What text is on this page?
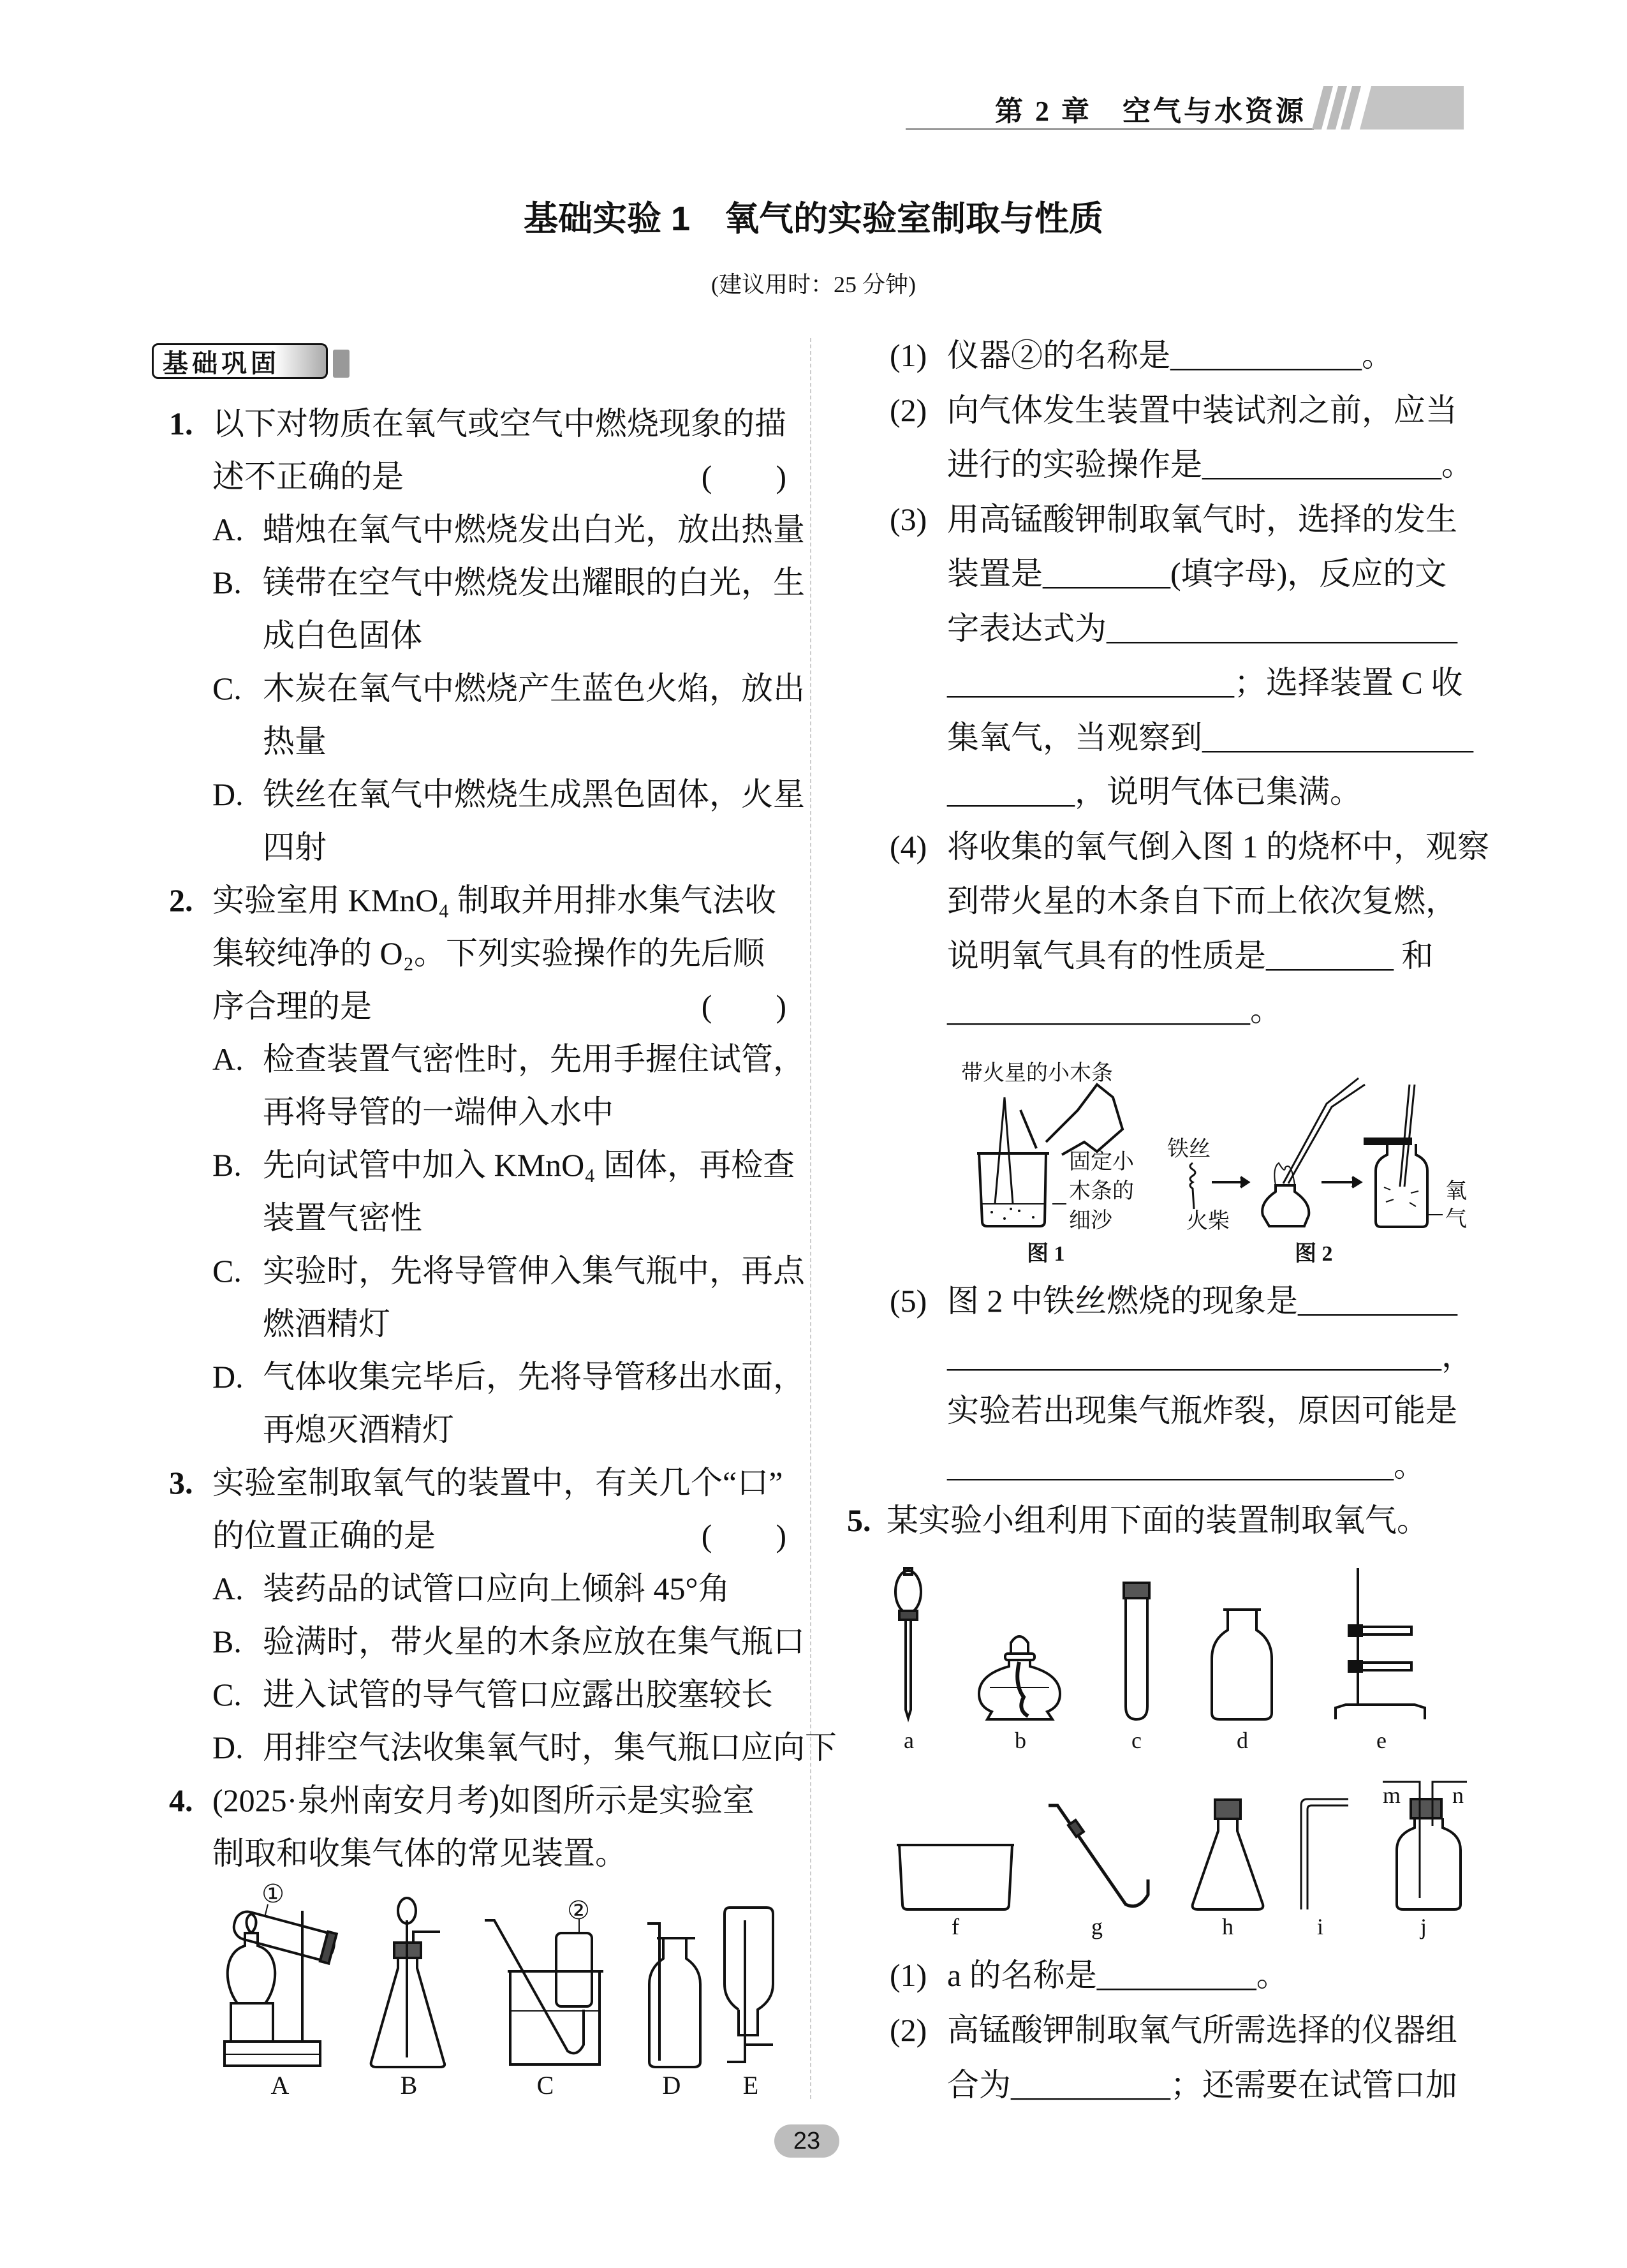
第 2 章　空气与水资源
基础实验 1　氧气的实验室制取与性质
(建议用时：25 分钟)
基础巩固
以下对物质在氧气或空气中燃烧现象的描
1.
述不正确的是	(　　)
蜡烛在氧气中燃烧发出白光，放出热量
A.
镁带在空气中燃烧发出耀眼的白光，生
B.
成白色固体
木炭在氧气中燃烧产生蓝色火焰，放出
C.
热量
铁丝在氧气中燃烧生成黑色固体，火星
D.
四射
实验室用 KMnO₄ 制取并用排水集气法收
2.
集较纯净的 O₂。下列实验操作的先后顺
序合理的是	(　　)
检查装置气密性时，先用手握住试管，
A.
再将导管的一端伸入水中
先向试管中加入 KMnO₄ 固体，再检查
B.
装置气密性
实验时，先将导管伸入集气瓶中，再点
C.
燃酒精灯
气体收集完毕后，先将导管移出水面，
D.
再熄灭酒精灯
实验室制取氧气的装置中，有关几个“口”
3.
的位置正确的是	(　　)
装药品的试管口应向上倾斜 45°角
A.
验满时，带火星的木条应放在集气瓶口
B.
进入试管的导气管口应露出胶塞较长
C.
用排空气法收集氧气时，集气瓶口应向下
D.
(2025·泉州南安月考)如图所示是实验室
4.
制取和收集气体的常见装置。
仪器②的名称是____________。
(1)
向气体发生装置中装试剂之前，应当
(2)
进行的实验操作是_______________。
用高锰酸钾制取氧气时，选择的发生
(3)
装置是________(填字母)，反应的文
字表达式为______________________
__________________；选择装置 C 收
集氧气，当观察到_________________
________，说明气体已集满。
将收集的氧气倒入图 1 的烧杯中，观察
(4)
到带火星的木条自下而上依次复燃，
说明氧气具有的性质是________ 和
___________________。
图 2 中铁丝燃烧的现象是__________
(5)
_______________________________，
实验若出现集气瓶炸裂，原因可能是
____________________________。
某实验小组利用下面的装置制取氧气。
5.
a 的名称是__________。
(1)
高锰酸钾制取氧气所需选择的仪器组
(2)
合为__________；还需要在试管口加
①
②
A	B	C	D E
带火星的小木条
固定小
木条的
细沙
铁丝
火柴
氧
气
图 1	图 2
a	b	c	d	e
f	g	h	i	j
m n
23
